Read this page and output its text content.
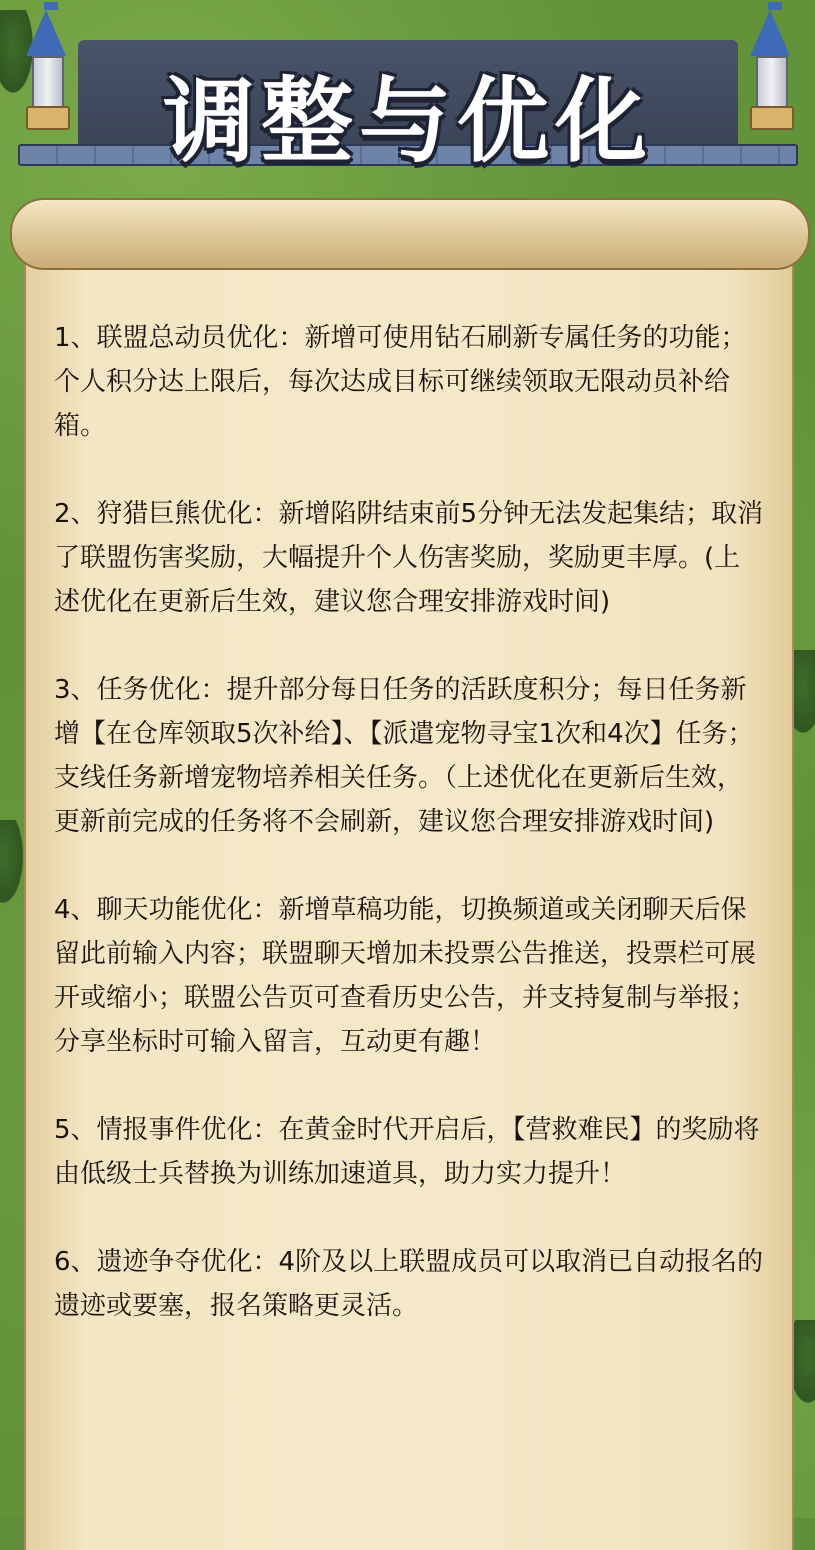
调整与优化

1、联盟总动员优化：新增可使用钻石刷新专属任务的功能；个人积分达上限后，每次达成目标可继续领取无限动员补给箱。

2、狩猎巨熊优化：新增陷阱结束前5分钟无法发起集结；取消了联盟伤害奖励，大幅提升个人伤害奖励，奖励更丰厚。(上述优化在更新后生效，建议您合理安排游戏时间)

3、任务优化：提升部分每日任务的活跃度积分；每日任务新增【在仓库领取5次补给】、【派遣宠物寻宝1次和4次】任务；支线任务新增宠物培养相关任务。（上述优化在更新后生效，更新前完成的任务将不会刷新，建议您合理安排游戏时间)

4、聊天功能优化：新增草稿功能，切换频道或关闭聊天后保留此前输入内容；联盟聊天增加未投票公告推送，投票栏可展开或缩小；联盟公告页可查看历史公告，并支持复制与举报；分享坐标时可输入留言，互动更有趣！

5、情报事件优化：在黄金时代开启后，【营救难民】的奖励将由低级士兵替换为训练加速道具，助力实力提升！

6、遗迹争夺优化：4阶及以上联盟成员可以取消已自动报名的遗迹或要塞，报名策略更灵活。
